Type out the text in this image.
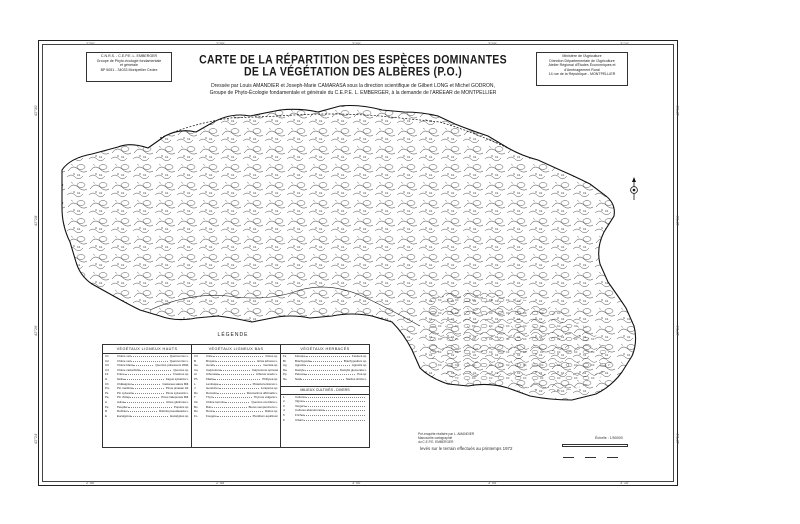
2°50'	2°55'	3°00'	3°05'	3°10'
2°50'	2°55'	3°00'	3°05'	3°10'
42°30'
42°28'
42°26'
42°24'
42°30'
42°28'
42°26'
42°24'
C.N.R.S. - C.E.P.E. L. EMBERGER
Groupe de Phyto-écologie fondamentale
et générale
BP 5051 - 34033 Montpellier Cedex
Ministère de l'Agriculture
Direction Départementale de l'Agriculture
Atelier Régional d'Études Économiques et
d'Aménagement Rural
14 rue de la République - MONTPELLIER
CARTE DE LA RÉPARTITION DES ESPÈCES DOMINANTES
DE LA VÉGÉTATION DES ALBÈRES (P.O.)
Dressée par Louis AMANDIER et Joseph-Marie CAMARASA sous la direction scientifique de Gilbert LONG et Michel GODRON,
Groupe de Phyto-Écologie fondamentale et générale du C.E.P.E. L. EMBERGER, à la demande de l'ARÉEAR de MONTPELLIER
LÉGENDE
VÉGÉTAUX LIGNEUX HAUTS
C1	Chêne vert	Quercus ilex L.
C2	Chêne vert	Quercus ilex L.
C3	Chêne blanc	Quercus pubescens Willd.
C4	Chêne caducifolié	Quercus sp.
F1	Frêne	Fraxinus sp.
H	Hêtre	Fagus sylvatica L.
Ch	Châtaignier	Castanea sativa Mill.
Pm	Pin maritime	Pinus pinaster Ait.
Ps	Pin sylvestre	Pinus sylvestris L.
Pa	Pin d'Alep	Pinus halepensis Mill.
A	Aulne	Alnus glutinosa L.
Pe	Peuplier	Populus sp.
R	Robinier	Robinia pseudacacia L.
E	Eucalyptus	Eucalyptus sp.
VÉGÉTAUX LIGNEUX BAS
CC	Ciste	Cistus sp.
B	Bruyère	Erica arborea L.
Ge	Genêt	Genista sp.
Ca	Calycotome	Calycotome spinosa
Ar	Arbousier	Arbutus unedo L.
Ph	Filaria	Phillyrea sp.
L	Lentisque	Pistacia lentiscus L.
J	Genévrier	Juniperus sp.
Ro	Romarin	Rosmarinus officinalis L.
T	Thym	Thymus vulgaris L.
Ck	Chêne kermès	Quercus coccifera L.
Bu	Buis	Buxus sempervirens L.
Ru	Ronce	Rubus sp.
Fo	Fougère	Pteridium aquilinum
VÉGÉTAUX HERBACÉS
Fe	Fétuque	Festuca sp.
Br	Brachypode	Brachypodium sp.
Ag	Agrostis	Agrostis sp.
Da	Dactyle	Dactylis glomerata L.
Pp	Pelouse	Poa sp.
Ne	Nard	Nardus stricta L.
MILIEUX CULTIVÉS - DIVERS
1	Cultures
2	Vignes
3	Vergers
4	Cultures abandonnées
5	Friches
6	Urbain
Pré-enquête réalisée par L. AMANDIER
Manuscrite cartographié
du C.E.P.E. EMBERGER
levés sur le terrain effectués au printemps 1972
Échelle : 1/50000
